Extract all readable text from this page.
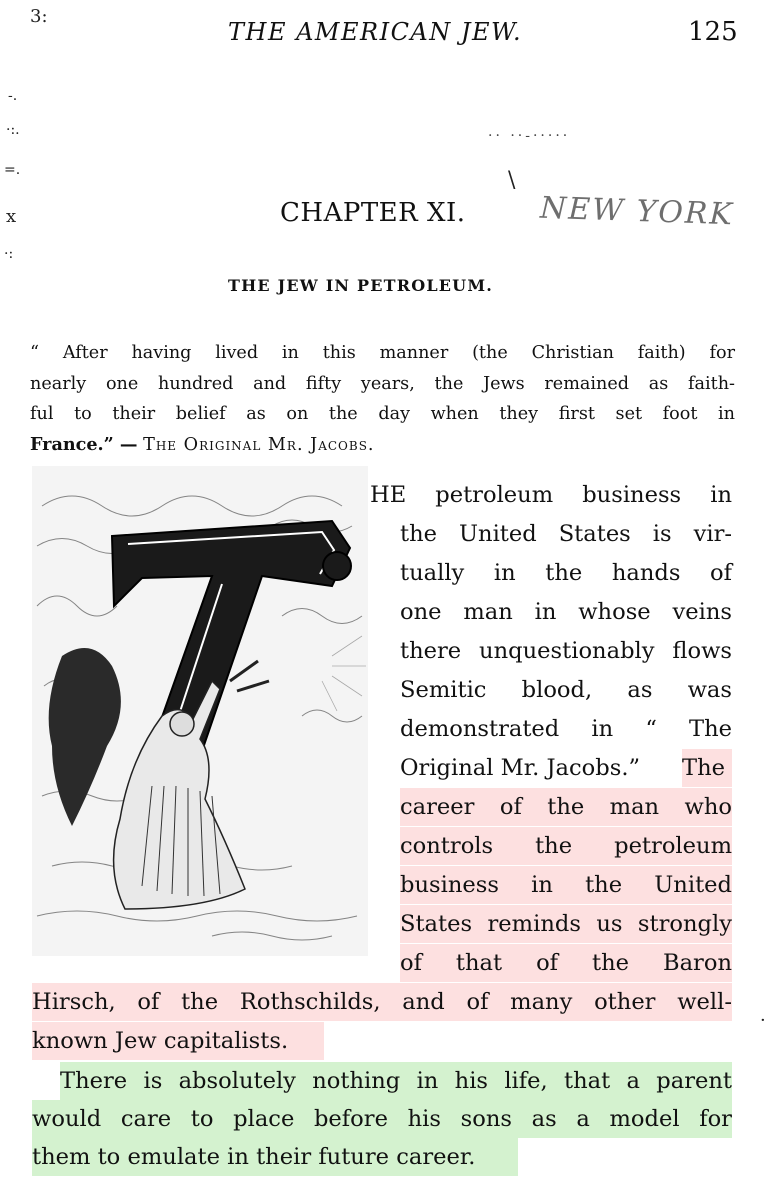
THE AMERICAN JEW.	125
3:
-.
·:.
=.
x
·:
·· ··-·····
\
·
CHAPTER XI. NEW YORK
THE JEW IN PETROLEUM.
“ After having lived in this manner (the Christian faith) for
nearly one hundred and fifty years, the Jews remained as faith-
ful to their belief as on the day when they first set foot in
France.” — The Original Mr. Jacobs.
HE petroleum business in
the United States is vir-
tually in the hands of
one man in whose veins
there unquestionably flows
Semitic blood, as was
demonstrated in “ The
Original Mr. Jacobs.”	The
career of the man who
controls the petroleum
business in the United
States reminds us strongly
of that of the Baron
Hirsch, of the Rothschilds, and of many other well-
known Jew capitalists.
There is absolutely nothing in his life, that a parent
would care to place before his sons as a model for
them to emulate in their future career.
